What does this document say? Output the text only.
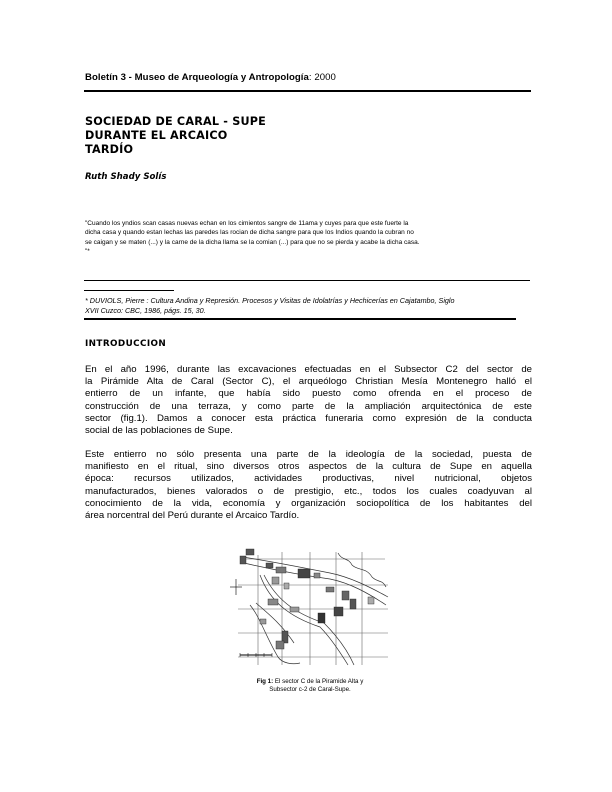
Boletín 3 - Museo de Arqueología y Antropología: 2000
SOCIEDAD DE CARAL - SUPE
DURANTE EL ARCAICO
TARDÍO
Ruth Shady Solís
"Cuando los yndios scan casas nuevas echan en los cimientos sangre de 11ama y cuyes para que este fuerte la
dicha casa y quando estan lechas las paredes las rocian de dicha sangre para que los Indios quando la cubran no
se caigan y se maten (...) y la carne de la dicha llama se la comian (...) para que no se pierda y acabe la dicha casa.
"*
* DUVIOLS, Pierre : Cultura Andina y Represión. Procesos y Visitas de Idolatrías y Hechicerías en Cajatambo, Siglo
XVII Cuzco: CBC, 1986, págs. 15, 30.
INTRODUCCION
En el año 1996, durante las excavaciones efectuadas en el Subsector C2 del sector de
la Pirámide Alta de Caral (Sector C), el arqueólogo Christian Mesía Montenegro halló el
entierro de un infante, que había sido puesto como ofrenda en el proceso de
construcción de una terraza, y como parte de la ampliación arquitectónica de este
sector (fig.1). Damos a conocer esta práctica funeraria como expresión de la conducta
social de las poblaciones de Supe.
Este entierro no sólo presenta una parte de la ideología de la sociedad, puesta de
manifiesto en el ritual, sino diversos otros aspectos de la cultura de Supe en aquella
época: recursos utilizados, actividades productivas, nivel nutricional, objetos
manufacturados, bienes valorados o de prestigio, etc., todos los cuales coadyuvan al
conocimiento de la vida, economía y organización sociopolítica de los habitantes del
área norcentral del Perú durante el Arcaico Tardío.
Fig 1: El sector C de la Piramide Alta y
Subsector c-2 de Caral-Supe.
